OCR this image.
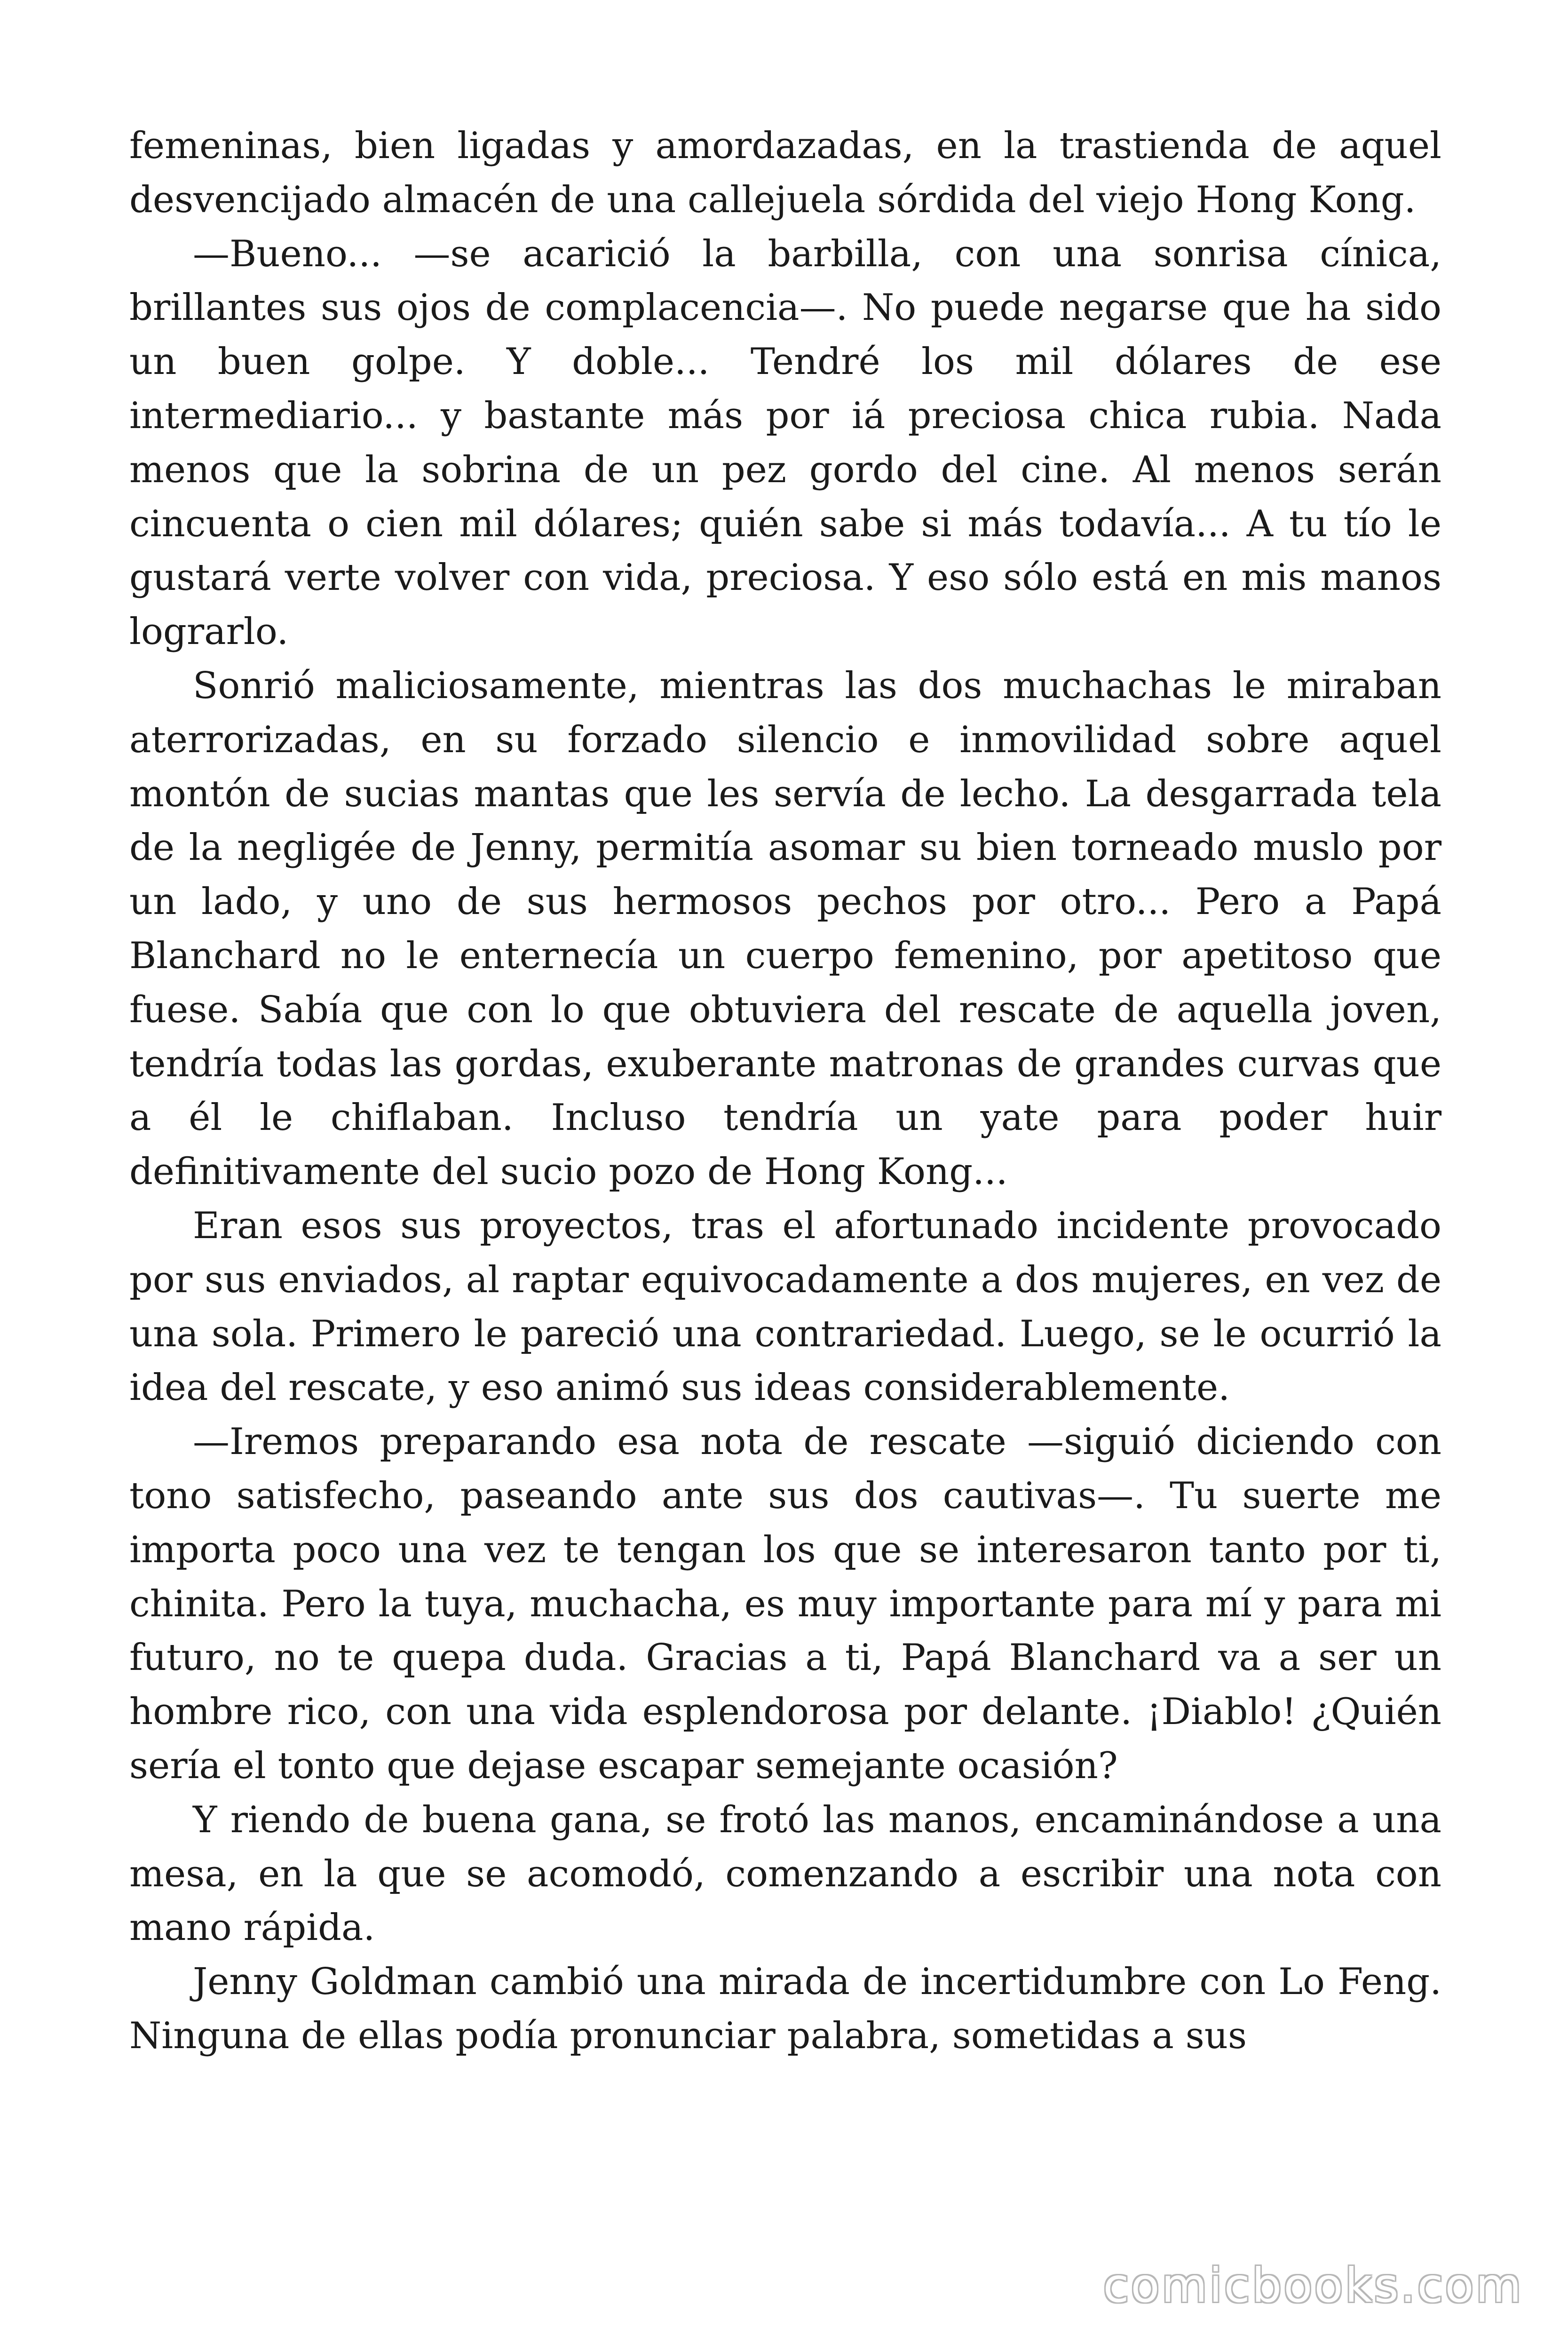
femeninas, bien ligadas y amordazadas, en la trastienda de aquel desvencijado almacén de una callejuela sórdida del viejo Hong Kong.

—Bueno... —se acarició la barbilla, con una sonrisa cínica, brillantes sus ojos de complacencia—. No puede negarse que ha sido un buen golpe. Y doble... Tendré los mil dólares de ese intermediario... y bastante más por iá preciosa chica rubia. Nada menos que la sobrina de un pez gordo del cine. Al menos serán cincuenta o cien mil dólares; quién sabe si más todavía... A tu tío le gustará verte volver con vida, preciosa. Y eso sólo está en mis manos lograrlo.

Sonrió maliciosamente, mientras las dos muchachas le miraban aterrorizadas, en su forzado silencio e inmovilidad sobre aquel montón de sucias mantas que les servía de lecho. La desgarrada tela de la negligée de Jenny, permitía asomar su bien torneado muslo por un lado, y uno de sus hermosos pechos por otro... Pero a Papá Blanchard no le enternecía un cuerpo femenino, por apetitoso que fuese. Sabía que con lo que obtuviera del rescate de aquella joven, tendría todas las gordas, exuberante matronas de grandes curvas que a él le chiflaban. Incluso tendría un yate para poder huir definitivamente del sucio pozo de Hong Kong...

Eran esos sus proyectos, tras el afortunado incidente provocado por sus enviados, al raptar equivocadamente a dos mujeres, en vez de una sola. Primero le pareció una contrariedad. Luego, se le ocurrió la idea del rescate, y eso animó sus ideas considerablemente.

—Iremos preparando esa nota de rescate —siguió diciendo con tono satisfecho, paseando ante sus dos cautivas—. Tu suerte me importa poco una vez te tengan los que se interesaron tanto por ti, chinita. Pero la tuya, muchacha, es muy importante para mí y para mi futuro, no te quepa duda. Gracias a ti, Papá Blanchard va a ser un hombre rico, con una vida esplendorosa por delante. ¡Diablo! ¿Quién sería el tonto que dejase escapar semejante ocasión?

Y riendo de buena gana, se frotó las manos, encaminándose a una mesa, en la que se acomodó, comenzando a escribir una nota con mano rápida.

Jenny Goldman cambió una mirada de incertidumbre con Lo Feng. Ninguna de ellas podía pronunciar palabra, sometidas a sus

comicbooks.com
